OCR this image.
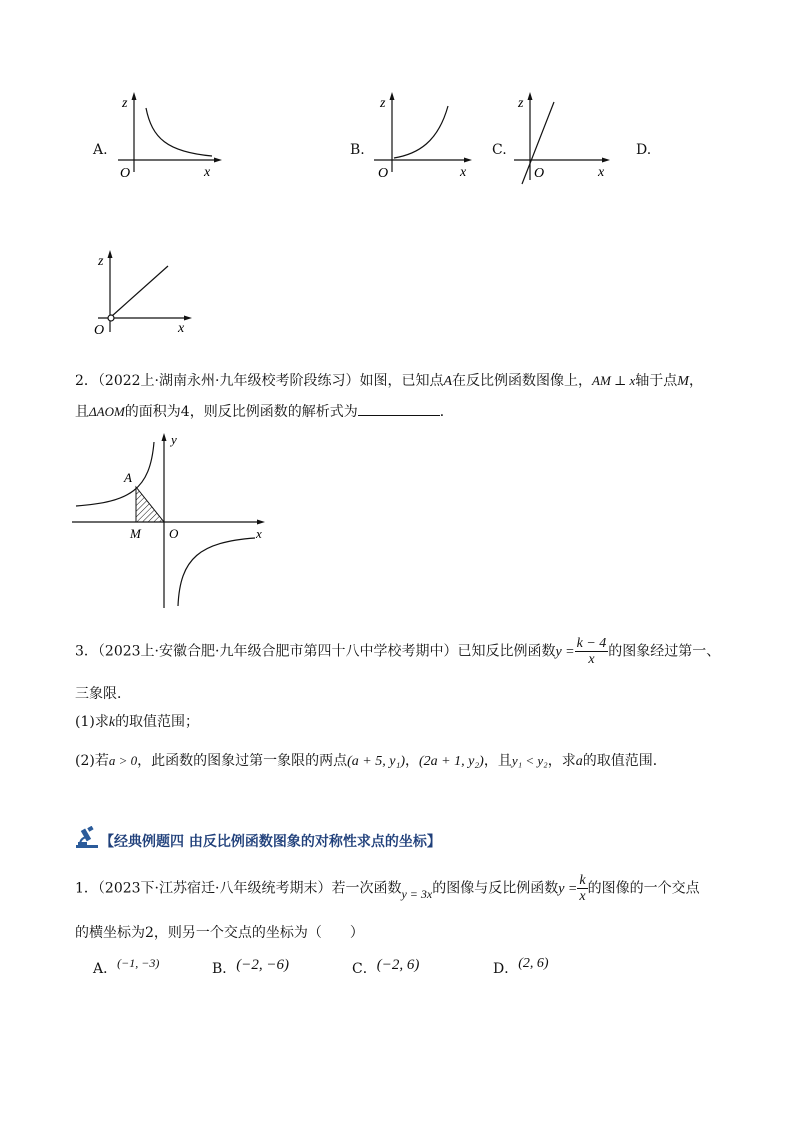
A.
z
O	x
B.
z
O	x
C.
z
O	x
D.
z
O	x
2．（2022上·湖南永州·九年级校考阶段练习）如图，已知点A在反比例函数图像上，AM ⊥ x轴于点M，
且ΔAOM的面积为4，则反比例函数的解析式为	．
A
M O	x
y
3．（2023上·安徽合肥·九年级合肥市第四十八中学校考期中）已知反比例函数$y = \frac{k - 4}{x}$ 的图象经过第一、
三象限．
(1)求k的取值范围；
(2)若a > 0，此函数的图象过第一象限的两点(a + 5, y₁)，(2a + 1, y₂)，且y₁ < y₂，求a的取值范围．
【经典例题四 由反比例函数图象的对称性求点的坐标】
1．（2023下·江苏宿迁·八年级统考期末）若一次函数y = 3x的图像与反比例函数$y = \frac{k}{x}$ 的图像的一个交点
的横坐标为2，则另一个交点的坐标为（　　）
A．(−1, −3)	B．(−2, −6)	C．(−2, 6)	D．(2, 6)
